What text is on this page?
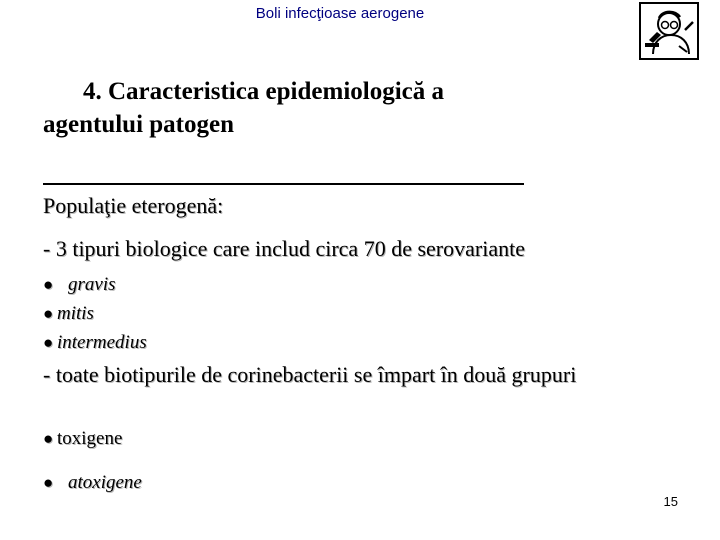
Boli infecţioase aerogene
4. Caracteristica epidemiologică a
agentului patogen
Populaţie eterogenă:
- 3 tipuri biologice care includ circa 70 de serovariante
● gravis
● mitis
● intermedius
- toate biotipurile de corinebacterii se împart în două grupuri
● toxigene
● atoxigene
15
